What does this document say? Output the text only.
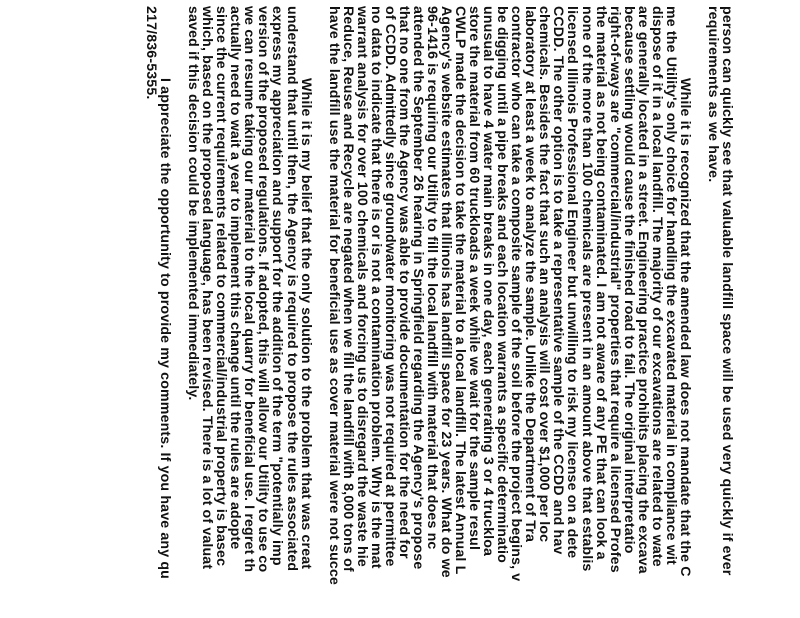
person can quickly see that valuable landfill space will be used very quickly if ever
requirements as we have.
While it is recognized that the amended law does not mandate that the C
me the Utility's only choice for handling the excavated material in compliance wit
dispose of it in a local landfill. The majority of our excavations are related to wate
are generally located in a street. Engineering practice prohibits placing the excava
because settling would cause the finished road to fail. The original interpretatio
right-of-ways are "commercial/industrial" properties that require a licensed Profes
the material as not being contaminated. I am not aware of any PE that can look a
none of the more than 100 chemicals are present in an amount above that establis
licensed Illinois Professional Engineer but unwilling to risk my license on a dete
CCDD. The other option is to take a representative sample of the CCDD and hav
chemicals. Besides the fact that such an analysis will cost over $1,000 per loc
laboratory at least a week to analyze the sample. Unlike the Department of Tra
contractor who can take a composite sample of the soil before the project begins, v
be digging until a pipe breaks and each location warrants a specific determinatio
unusual to have 4 water main breaks in one day, each generating 3 or 4 truckloa
store the material from 60 truckloads a week while we wait for the sample resul
CWLP made the decision to take the material to a local landfill. The latest Annual L
Agency's website estimates that Illinois has landfill space for 23 years. What do we
96-1416 is requiring our Utility to fill the local landfill with material that does nc
attended the September 26 hearing in Springfield regarding the Agency's propose
that no one from the Agency was able to provide documentation for the need for
of CCDD. Admittedly since groundwater monitoring was not required at permittee
no data to indicate that there is or is not a contamination problem. Why is the mat
warrant analysis for over 100 chemicals and forcing us to disregard the waste hie
Reduce, Reuse and Recycle are negated when we fill the landfill with 8,000 tons of
have the landfill use the material for beneficial use as cover material were not succe
While it is my belief that the only solution to the problem that was creat
understand that until then, the Agency is required to propose the rules associated
express my appreciation and support for the addition of the term "potentially imp
version of the proposed regulations. If adopted, this will allow our Utility to use co
we can resume taking our material to the local quarry for beneficial use. I regret th
actually need to wait a year to implement this change until the rules are adopte
since the current requirements related to commercial/industrial property is basec
which, based on the proposed language, has been revised. There is a lot of valuat
saved if this decision could be implemented immediately.
I appreciate the opportunity to provide my comments. If you have any qu
217/836-5355.
